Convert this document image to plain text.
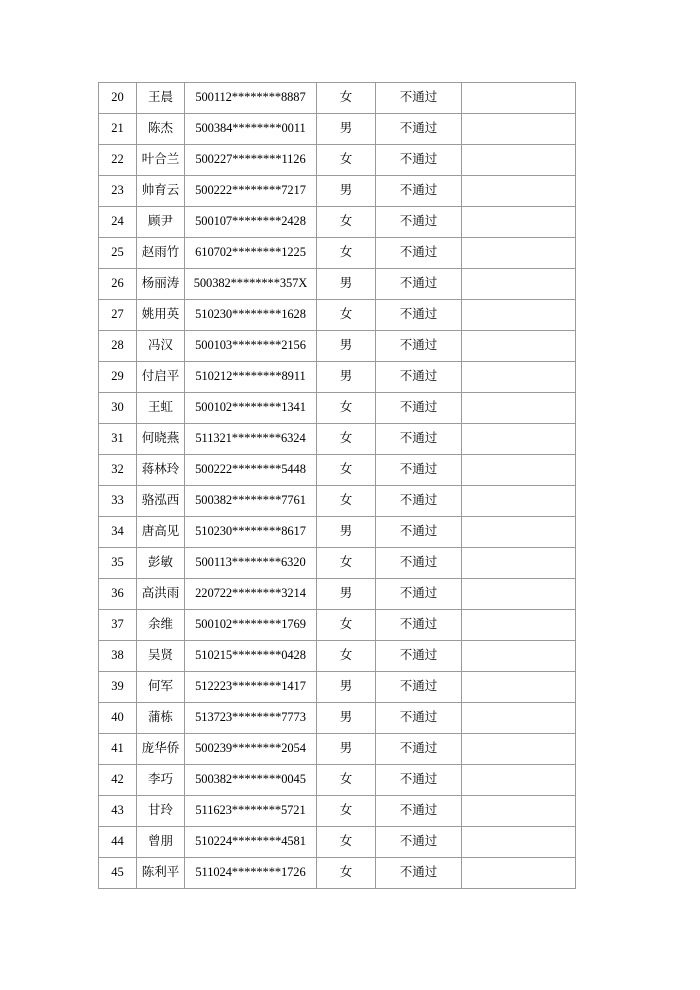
20	王晨	500112********8887	女	不通过	
21	陈杰	500384********0011	男	不通过	
22	叶合兰	500227********1126	女	不通过	
23	帅育云	500222********7217	男	不通过	
24	顾尹	500107********2428	女	不通过	
25	赵雨竹	610702********1225	女	不通过	
26	杨丽涛	500382********357X	男	不通过	
27	姚用英	510230********1628	女	不通过	
28	冯汉	500103********2156	男	不通过	
29	付启平	510212********8911	男	不通过	
30	王虹	500102********1341	女	不通过	
31	何晓燕	511321********6324	女	不通过	
32	蒋林玲	500222********5448	女	不通过	
33	骆泓西	500382********7761	女	不通过	
34	唐高见	510230********8617	男	不通过	
35	彭敏	500113********6320	女	不通过	
36	高洪雨	220722********3214	男	不通过	
37	余维	500102********1769	女	不通过	
38	吴贤	510215********0428	女	不通过	
39	何军	512223********1417	男	不通过	
40	蒲栋	513723********7773	男	不通过	
41	庞华侨	500239********2054	男	不通过	
42	李巧	500382********0045	女	不通过	
43	甘玲	511623********5721	女	不通过	
44	曾朋	510224********4581	女	不通过	
45	陈利平	511024********1726	女	不通过	
